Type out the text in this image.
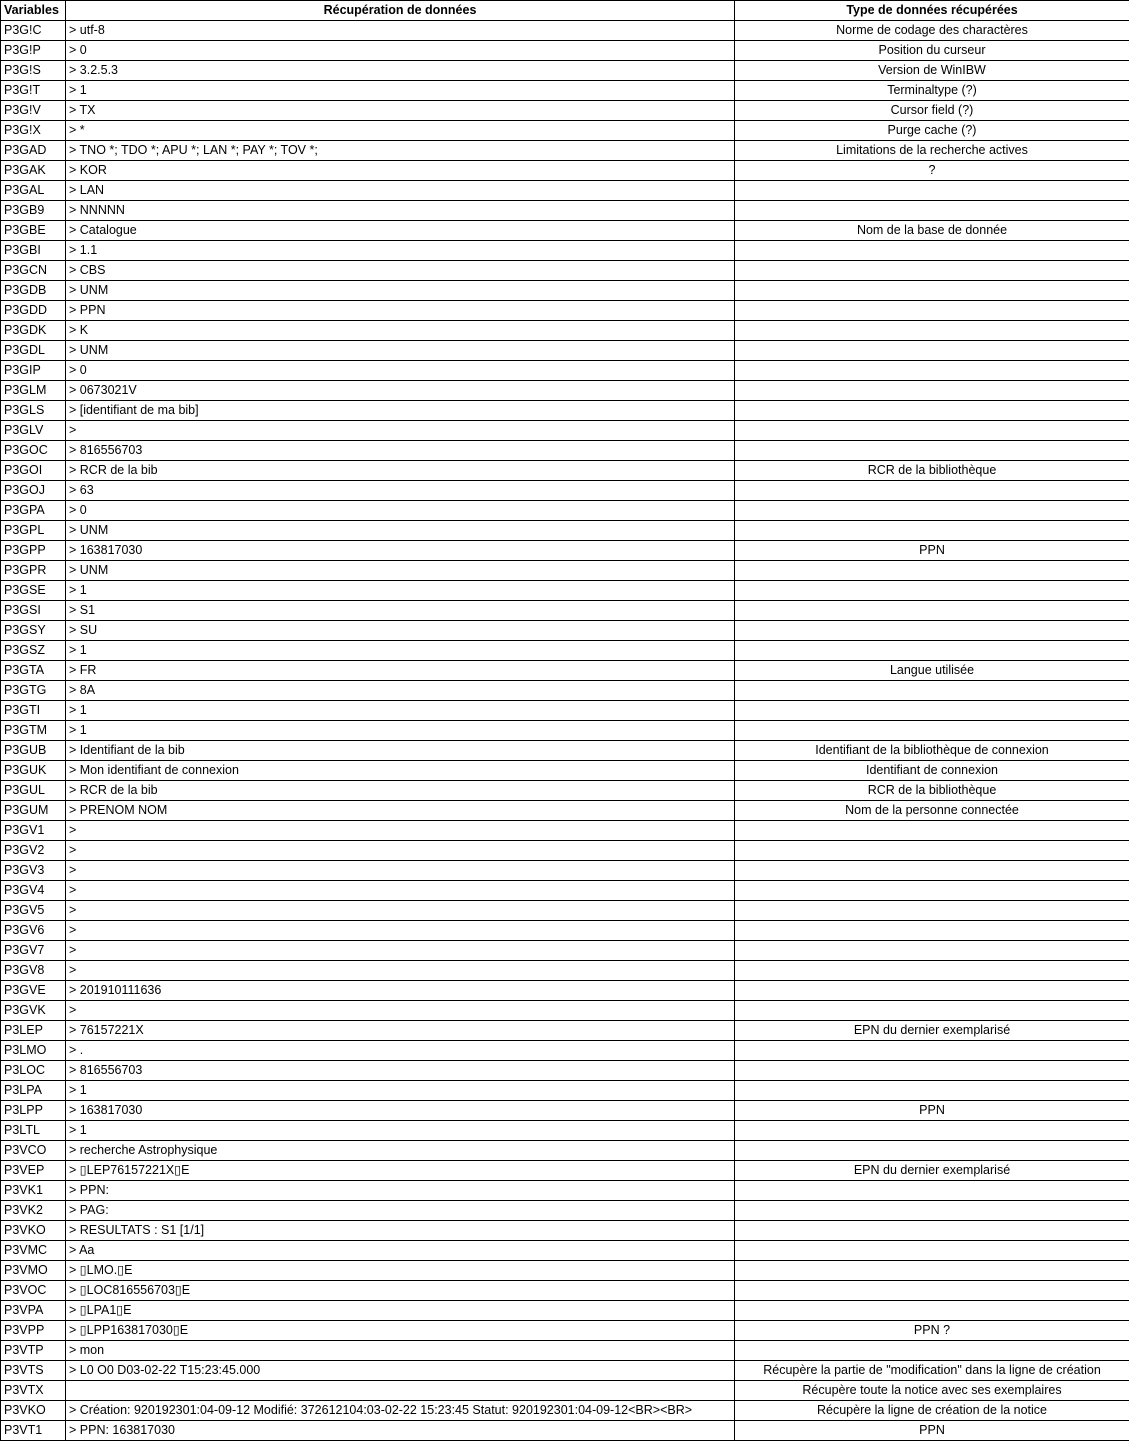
Variables	Récupération de données	Type de données récupérées
P3G!C	> utf-8	Norme de codage des charactères
P3G!P	> 0	Position du curseur
P3G!S	> 3.2.5.3	Version de WinIBW
P3G!T	> 1	Terminaltype (?)
P3G!V	> TX	Cursor field (?)
P3G!X	> *	Purge cache (?)
P3GAD	> TNO *; TDO *; APU *; LAN *; PAY *; TOV *;	Limitations de la recherche actives
P3GAK	> KOR	?
P3GAL	> LAN	
P3GB9	> NNNNN	
P3GBE	> Catalogue	Nom de la base de donnée
P3GBI	> 1.1	
P3GCN	> CBS	
P3GDB	> UNM	
P3GDD	> PPN	
P3GDK	> K	
P3GDL	> UNM	
P3GIP	> 0	
P3GLM	> 0673021V	
P3GLS	> [identifiant de ma bib]	
P3GLV	>	
P3GOC	> 816556703	
P3GOI	> RCR de la bib	RCR de la bibliothèque
P3GOJ	> 63	
P3GPA	> 0	
P3GPL	> UNM	
P3GPP	> 163817030	PPN
P3GPR	> UNM	
P3GSE	> 1	
P3GSI	> S1	
P3GSY	> SU	
P3GSZ	> 1	
P3GTA	> FR	Langue utilisée
P3GTG	> 8A	
P3GTI	> 1	
P3GTM	> 1	
P3GUB	> Identifiant de la bib	Identifiant de la bibliothèque de connexion
P3GUK	> Mon identifiant de connexion	Identifiant de connexion
P3GUL	> RCR de la bib	RCR de la bibliothèque
P3GUM	> PRENOM NOM	Nom de la personne connectée
P3GV1	>	
P3GV2	>	
P3GV3	>	
P3GV4	>	
P3GV5	>	
P3GV6	>	
P3GV7	>	
P3GV8	>	
P3GVE	> 201910111636	
P3GVK	>	
P3LEP	> 76157221X	EPN du dernier exemplarisé
P3LMO	> .	
P3LOC	> 816556703	
P3LPA	> 1	
P3LPP	> 163817030	PPN
P3LTL	> 1	
P3VCO	> recherche Astrophysique	
P3VEP	> ▯LEP76157221X▯E	EPN du dernier exemplarisé
P3VK1	> PPN:	
P3VK2	> PAG:	
P3VKO	> RESULTATS : S1 [1/1]	
P3VMC	> Aa	
P3VMO	> ▯LMO.▯E	
P3VOC	> ▯LOC816556703▯E	
P3VPA	> ▯LPA1▯E	
P3VPP	> ▯LPP163817030▯E	PPN ?
P3VTP	> mon	
P3VTS	> L0 O0 D03-02-22 T15:23:45.000	Récupère la partie de "modification" dans la ligne de création
P3VTX		Récupère toute la notice avec ses exemplaires
P3VKO	> Création: 920192301:04-09-12 Modifié: 372612104:03-02-22 15:23:45 Statut: 920192301:04-09-12<BR><BR>	Récupère la ligne de création de la notice
P3VT1	> PPN: 163817030	PPN
